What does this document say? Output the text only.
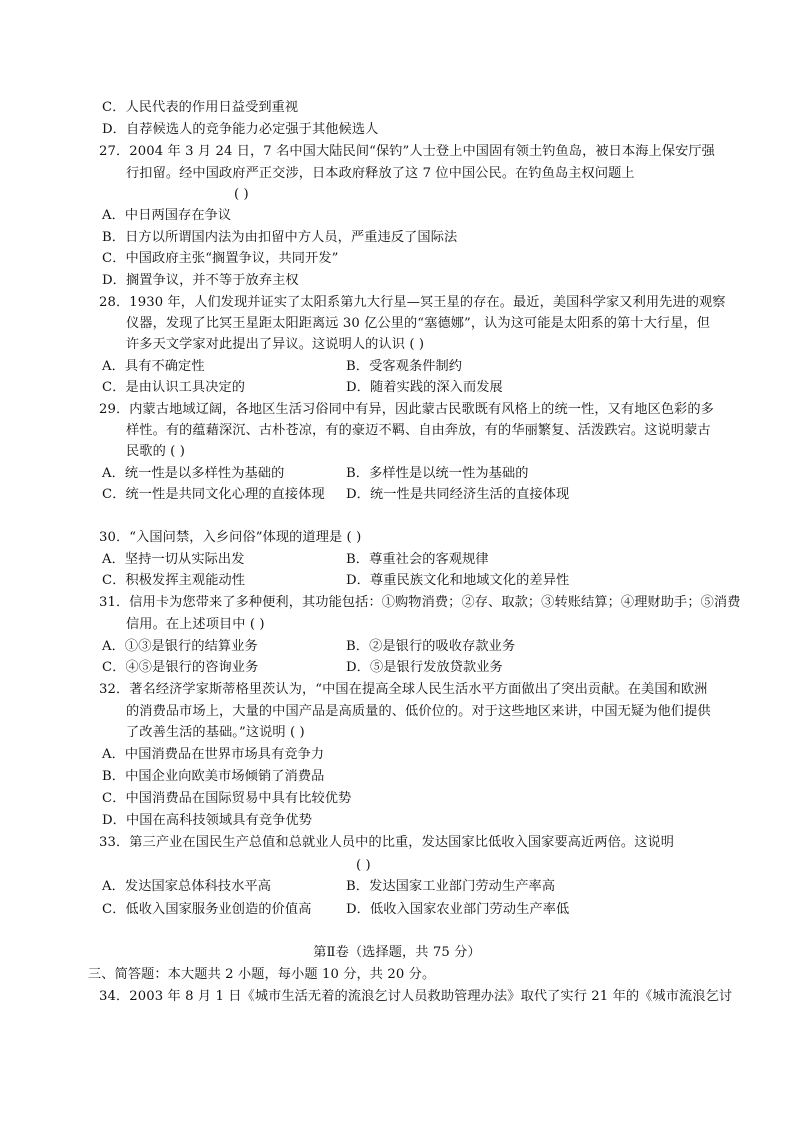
C．人民代表的作用日益受到重视
D．自荐候选人的竞争能力必定强于其他候选人
27．2004 年 3 月 24 日，7 名中国大陆民间“保钓”人士登上中国固有领土钓鱼岛，被日本海上保安厅强
行扣留。经中国政府严正交涉，日本政府释放了这 7 位中国公民。在钓鱼岛主权问题上
( )
A．中日两国存在争议
B．日方以所谓国内法为由扣留中方人员，严重违反了国际法
C．中国政府主张“搁置争议，共同开发”
D．搁置争议，并不等于放弃主权
28．1930 年，人们发现并证实了太阳系第九大行星—冥王星的存在。最近，美国科学家又利用先进的观察
仪器，发现了比冥王星距太阳距离远 30 亿公里的“塞德娜”，认为这可能是太阳系的第十大行星，但
许多天文学家对此提出了异议。这说明人的认识 ( )
A．具有不确定性	B．受客观条件制约
C．是由认识工具决定的	D．随着实践的深入而发展
29．内蒙古地域辽阔，各地区生活习俗同中有异，因此蒙古民歌既有风格上的统一性，又有地区色彩的多
样性。有的蕴藉深沉、古朴苍凉，有的豪迈不羁、自由奔放，有的华丽繁复、活泼跌宕。这说明蒙古
民歌的 ( )
A．统一性是以多样性为基础的	B．多样性是以统一性为基础的
C．统一性是共同文化心理的直接体现 D．统一性是共同经济生活的直接体现
30．“入国问禁，入乡问俗”体现的道理是 ( )
A．坚持一切从实际出发	B．尊重社会的客观规律
C．积极发挥主观能动性	D．尊重民族文化和地域文化的差异性
31．信用卡为您带来了多种便利，其功能包括：①购物消费；②存、取款；③转账结算；④理财助手；⑤消费
信用。在上述项目中 ( )
A．①③是银行的结算业务	B．②是银行的吸收存款业务
C．④⑤是银行的咨询业务	D．⑤是银行发放贷款业务
32．著名经济学家斯蒂格里茨认为，“中国在提高全球人民生活水平方面做出了突出贡献。在美国和欧洲
的消费品市场上，大量的中国产品是高质量的、低价位的。对于这些地区来讲，中国无疑为他们提供
了改善生活的基础。”这说明 ( )
A．中国消费品在世界市场具有竞争力
B．中国企业向欧美市场倾销了消费品
C．中国消费品在国际贸易中具有比较优势
D．中国在高科技领域具有竞争优势
33．第三产业在国民生产总值和总就业人员中的比重，发达国家比低收入国家要高近两倍。这说明
( )
A．发达国家总体科技水平高	B．发达国家工业部门劳动生产率高
C．低收入国家服务业创造的价值高	D．低收入国家农业部门劳动生产率低
第Ⅱ卷（选择题，共 75 分）
三、简答题：本大题共 2 小题，每小题 10 分，共 20 分。
34．2003 年 8 月 1 日《城市生活无着的流浪乞讨人员救助管理办法》取代了实行 21 年的《城市流浪乞讨
